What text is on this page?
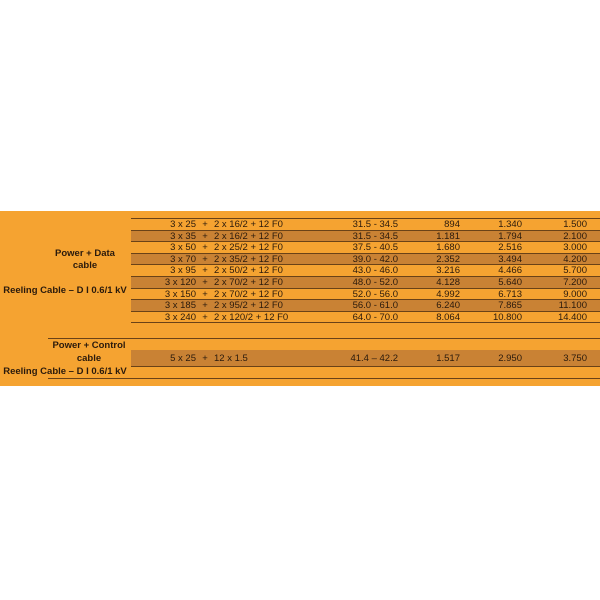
Power + Data
cable
Reeling Cable – D I 0.6/1 kV
Power + Control
cable
Reeling Cable – D I 0.6/1 kV
3 x 25 + 2 x 16/2 + 12 F0	31.5 - 34.5	894	1.340	1.500
3 x 35 + 2 x 16/2 + 12 F0	31.5 - 34.5	1.181	1.794	2.100
3 x 50 + 2 x 25/2 + 12 F0	37.5 - 40.5	1.680	2.516	3.000
3 x 70 + 2 x 35/2 + 12 F0	39.0 - 42.0	2.352	3.494	4.200
3 x 95 + 2 x 50/2 + 12 F0	43.0 - 46.0	3.216	4.466	5.700
3 x 120 + 2 x 70/2 + 12 F0	48.0 - 52.0	4.128	5.640	7.200
3 x 150 + 2 x 70/2 + 12 F0	52.0 - 56.0	4.992	6.713	9.000
3 x 185 + 2 x 95/2 + 12 F0	56.0 - 61.0	6.240	7.865	11.100
3 x 240 + 2 x 120/2 + 12 F0	64.0 - 70.0	8.064	10.800	14.400
5 x 25 + 12 x 1.5	41.4 – 42.2	1.517	2.950	3.750
